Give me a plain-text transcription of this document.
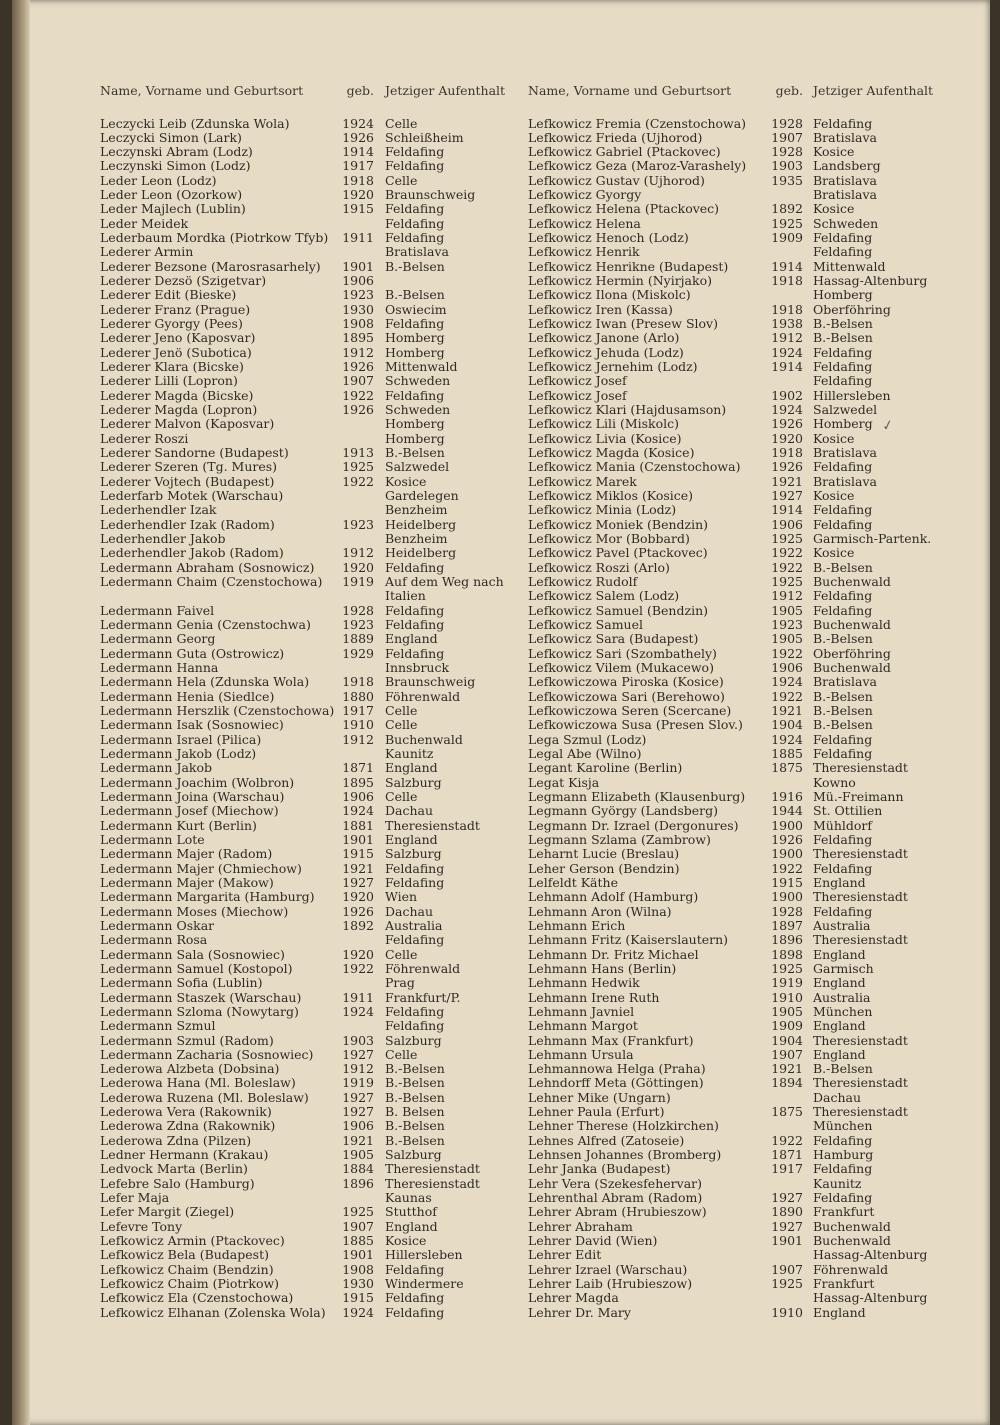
Name, Vorname und Geburtsort	geb. Jetziger Aufenthalt
Leczycki Leib (Zdunska Wola)	1924 Celle
Leczycki Simon (Lark)	1926 Schleißheim
Leczynski Abram (Lodz)	1914 Feldafing
Leczynski Simon (Lodz)	1917 Feldafing
Leder Leon (Lodz)	1918 Celle
Leder Leon (Ozorkow)	1920 Braunschweig
Leder Majlech (Lublin)	1915 Feldafing
Leder Meidek	Feldafing
Lederbaum Mordka (Piotrkow Tfyb)	1911 Feldafing
Lederer Armin	Bratislava
Lederer Bezsone (Marosrasarhely)	1901 B.-Belsen
Lederer Dezsö (Szigetvar)	1906
Lederer Edit (Bieske)	1923 B.-Belsen
Lederer Franz (Prague)	1930 Oswiecim
Lederer Gyorgy (Pees)	1908 Feldafing
Lederer Jeno (Kaposvar)	1895 Homberg
Lederer Jenö (Subotica)	1912 Homberg
Lederer Klara (Bicske)	1926 Mittenwald
Lederer Lilli (Lopron)	1907 Schweden
Lederer Magda (Bicske)	1922 Feldafing
Lederer Magda (Lopron)	1926 Schweden
Lederer Malvon (Kaposvar)	Homberg
Lederer Roszi	Homberg
Lederer Sandorne (Budapest)	1913 B.-Belsen
Lederer Szeren (Tg. Mures)	1925 Salzwedel
Lederer Vojtech (Budapest)	1922 Kosice
Lederfarb Motek (Warschau)	Gardelegen
Lederhendler Izak	Benzheim
Lederhendler Izak (Radom)	1923 Heidelberg
Lederhendler Jakob	Benzheim
Lederhendler Jakob (Radom)	1912 Heidelberg
Ledermann Abraham (Sosnowicz)	1920 Feldafing
Ledermann Chaim (Czenstochowa)	1919 Auf dem Weg nach
Italien
Ledermann Faivel	1928 Feldafing
Ledermann Genia (Czenstochwa)	1923 Feldafing
Ledermann Georg	1889 England
Ledermann Guta (Ostrowicz)	1929 Feldafing
Ledermann Hanna	Innsbruck
Ledermann Hela (Zdunska Wola)	1918 Braunschweig
Ledermann Henia (Siedlce)	1880 Föhrenwald
Ledermann Herszlik (Czenstochowa) 1917 Celle
Ledermann Isak (Sosnowiec)	1910 Celle
Ledermann Israel (Pilica)	1912 Buchenwald
Ledermann Jakob (Lodz)	Kaunitz
Ledermann Jakob	1871 England
Ledermann Joachim (Wolbron)	1895 Salzburg
Ledermann Joina (Warschau)	1906 Celle
Ledermann Josef (Miechow)	1924 Dachau
Ledermann Kurt (Berlin)	1881 Theresienstadt
Ledermann Lote	1901 England
Ledermann Majer (Radom)	1915 Salzburg
Ledermann Majer (Chmiechow)	1921 Feldafing
Ledermann Majer (Makow)	1927 Feldafing
Ledermann Margarita (Hamburg)	1920 Wien
Ledermann Moses (Miechow)	1926 Dachau
Ledermann Oskar	1892 Australia
Ledermann Rosa	Feldafing
Ledermann Sala (Sosnowiec)	1920 Celle
Ledermann Samuel (Kostopol)	1922 Föhrenwald
Ledermann Sofia (Lublin)	Prag
Ledermann Staszek (Warschau)	1911 Frankfurt/P.
Ledermann Szloma (Nowytarg)	1924 Feldafing
Ledermann Szmul	Feldafing
Ledermann Szmul (Radom)	1903 Salzburg
Ledermann Zacharia (Sosnowiec)	1927 Celle
Lederowa Alzbeta (Dobsina)	1912 B.-Belsen
Lederowa Hana (Ml. Boleslaw)	1919 B.-Belsen
Lederowa Ruzena (Ml. Boleslaw)	1927 B.-Belsen
Lederowa Vera (Rakownik)	1927 B. Belsen
Lederowa Zdna (Rakownik)	1906 B.-Belsen
Lederowa Zdna (Pilzen)	1921 B.-Belsen
Ledner Hermann (Krakau)	1905 Salzburg
Ledvock Marta (Berlin)	1884 Theresienstadt
Lefebre Salo (Hamburg)	1896 Theresienstadt
Lefer Maja	Kaunas
Lefer Margit (Ziegel)	1925 Stutthof
Lefevre Tony	1907 England
Lefkowicz Armin (Ptackovec)	1885 Kosice
Lefkowicz Bela (Budapest)	1901 Hillersleben
Lefkowicz Chaim (Bendzin)	1908 Feldafing
Lefkowicz Chaim (Piotrkow)	1930 Windermere
Lefkowicz Ela (Czenstochowa)	1915 Feldafing
Lefkowicz Elhanan (Zolenska Wola)	1924 Feldafing
Name, Vorname und Geburtsort	geb. Jetziger Aufenthalt
Lefkowicz Fremia (Czenstochowa)	1928 Feldafing
Lefkowicz Frieda (Ujhorod)	1907 Bratislava
Lefkowicz Gabriel (Ptackovec)	1928 Kosice
Lefkowicz Geza (Maroz-Varashely)	1903 Landsberg
Lefkowicz Gustav (Ujhorod)	1935 Bratislava
Lefkowicz Gyorgy	Bratislava
Lefkowicz Helena (Ptackovec)	1892 Kosice
Lefkowicz Helena	1925 Schweden
Lefkowicz Henoch (Lodz)	1909 Feldafing
Lefkowicz Henrik	Feldafing
Lefkowicz Henrikne (Budapest)	1914 Mittenwald
Lefkowicz Hermin (Nyirjako)	1918 Hassag-Altenburg
Lefkowicz Ilona (Miskolc)	Homberg
Lefkowicz Iren (Kassa)	1918 Oberföhring
Lefkowicz Iwan (Presew Slov)	1938 B.-Belsen
Lefkowicz Janone (Arlo)	1912 B.-Belsen
Lefkowicz Jehuda (Lodz)	1924 Feldafing
Lefkowicz Jernehim (Lodz)	1914 Feldafing
Lefkowicz Josef	Feldafing
Lefkowicz Josef	1902 Hillersleben
Lefkowicz Klari (Hajdusamson)	1924 Salzwedel
Lefkowicz Lili (Miskolc)	1926 Homberg
Lefkowicz Livia (Kosice)	1920 Kosice
Lefkowicz Magda (Kosice)	1918 Bratislava
Lefkowicz Mania (Czenstochowa)	1926 Feldafing
Lefkowicz Marek	1921 Bratislava
Lefkowicz Miklos (Kosice)	1927 Kosice
Lefkowicz Minia (Lodz)	1914 Feldafing
Lefkowicz Moniek (Bendzin)	1906 Feldafing
Lefkowicz Mor (Bobbard)	1925 Garmisch-Partenk.
Lefkowicz Pavel (Ptackovec)	1922 Kosice
Lefkowicz Roszi (Arlo)	1922 B.-Belsen
Lefkowicz Rudolf	1925 Buchenwald
Lefkowicz Salem (Lodz)	1912 Feldafing
Lefkowicz Samuel (Bendzin)	1905 Feldafing
Lefkowicz Samuel	1923 Buchenwald
Lefkowicz Sara (Budapest)	1905 B.-Belsen
Lefkowicz Sari (Szombathely)	1922 Oberföhring
Lefkowicz Vilem (Mukacewo)	1906 Buchenwald
Lefkowiczowa Piroska (Kosice)	1924 Bratislava
Lefkowiczowa Sari (Berehowo)	1922 B.-Belsen
Lefkowiczowa Seren (Scercane)	1921 B.-Belsen
Lefkowiczowa Susa (Presen Slov.)	1904 B.-Belsen
Lega Szmul (Lodz)	1924 Feldafing
Legal Abe (Wilno)	1885 Feldafing
Legant Karoline (Berlin)	1875 Theresienstadt
Legat Kisja	Kowno
Legmann Elizabeth (Klausenburg)	1916 Mü.-Freimann
Legmann György (Landsberg)	1944 St. Ottilien
Legmann Dr. Izrael (Dergonures)	1900 Mühldorf
Legmann Szlama (Zambrow)	1926 Feldafing
Leharnt Lucie (Breslau)	1900 Theresienstadt
Leher Gerson (Bendzin)	1922 Feldafing
Lelfeldt Käthe	1915 England
Lehmann Adolf (Hamburg)	1900 Theresienstadt
Lehmann Aron (Wilna)	1928 Feldafing
Lehmann Erich	1897 Australia
Lehmann Fritz (Kaiserslautern)	1896 Theresienstadt
Lehmann Dr. Fritz Michael	1898 England
Lehmann Hans (Berlin)	1925 Garmisch
Lehmann Hedwik	1919 England
Lehmann Irene Ruth	1910 Australia
Lehmann Javniel	1905 München
Lehmann Margot	1909 England
Lehmann Max (Frankfurt)	1904 Theresienstadt
Lehmann Ursula	1907 England
Lehmannowa Helga (Praha)	1921 B.-Belsen
Lehndorff Meta (Göttingen)	1894 Theresienstadt
Lehner Mike (Ungarn)	Dachau
Lehner Paula (Erfurt)	1875 Theresienstadt
Lehner Therese (Holzkirchen)	München
Lehnes Alfred (Zatoseie)	1922 Feldafing
Lehnsen Johannes (Bromberg)	1871 Hamburg
Lehr Janka (Budapest)	1917 Feldafing
Lehr Vera (Szekesfehervar)	Kaunitz
Lehrenthal Abram (Radom)	1927 Feldafing
Lehrer Abram (Hrubieszow)	1890 Frankfurt
Lehrer Abraham	1927 Buchenwald
Lehrer David (Wien)	1901 Buchenwald
Lehrer Edit	Hassag-Altenburg
Lehrer Izrael (Warschau)	1907 Föhrenwald
Lehrer Laib (Hrubieszow)	1925 Frankfurt
Lehrer Magda	Hassag-Altenburg
Lehrer Dr. Mary	1910 England
✓
